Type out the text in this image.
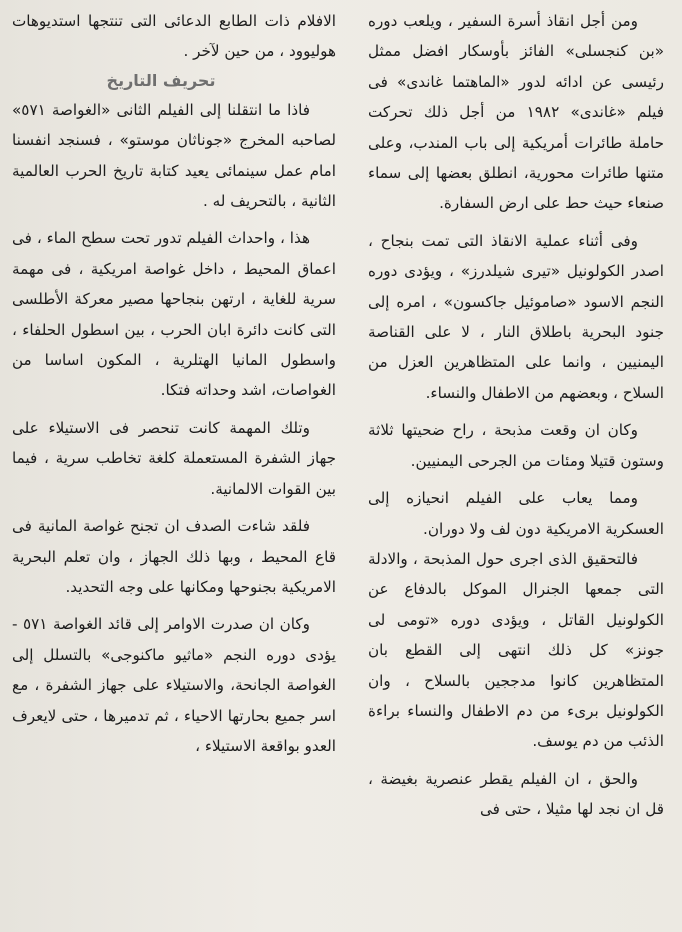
ومن أجل انقاذ أسرة السفير ، ويلعب دوره «بن كنجسلى» الفائز بأوسكار افضل ممثل رئيسى عن ادائه لدور «الماهتما غاندى» فى فيلم «غاندى» ١٩٨٢ من أجل ذلك تحركت حاملة طائرات أمريكية إلى باب المندب، وعلى متنها طائرات محورية، انطلق بعضها إلى سماء صنعاء حيث حط على ارض السفارة.

وفى أثناء عملية الانقاذ التى تمت بنجاح ، اصدر الكولونيل «تيرى شيلدرز» ، ويؤدى دوره النجم الاسود «صاموئيل جاكسون» ، امره إلى جنود البحرية باطلاق النار ، لا على القناصة اليمنيين ، وانما على المتظاهرين العزل من السلاح ، وبعضهم من الاطفال والنساء.

وكان ان وقعت مذبحة ، راح ضحيتها ثلاثة وستون قتيلا ومئات من الجرحى اليمنيين.

ومما يعاب على الفيلم انحيازه إلى العسكرية الامريكية دون لف ولا دوران.

فالتحقيق الذى اجرى حول المذبحة ، والادلة التى جمعها الجنرال الموكل بالدفاع عن الكولونيل القاتل ، ويؤدى دوره «تومى لى جونز» كل ذلك انتهى إلى القطع بان المتظاهرين كانوا مدججين بالسلاح ، وان الكولونيل برىء من دم الاطفال والنساء براءة الذئب من دم يوسف.

والحق ، ان الفيلم يقطر عنصرية بغيضة ، قل ان نجد لها مثيلا ، حتى فى

الافلام ذات الطابع الدعائى التى تنتجها استديوهات هوليوود ، من حين لآخر .

تحريف التاريخ

فاذا ما انتقلنا إلى الفيلم الثانى «الغواصة ٥٧١» لصاحبه المخرج «جوناثان موستو» ، فسنجد انفسنا امام عمل سينمائى يعيد كتابة تاريخ الحرب العالمية الثانية ، بالتحريف له .

هذا ، واحداث الفيلم تدور تحت سطح الماء ، فى اعماق المحيط ، داخل غواصة امريكية ، فى مهمة سرية للغاية ، ارتهن بنجاحها مصير معركة الأطلسى التى كانت دائرة ابان الحرب ، بين اسطول الحلفاء ، واسطول المانيا الهتلرية ، المكون اساسا من الغواصات، اشد وحداته فتكا.

وتلك المهمة كانت تنحصر فى الاستيلاء على جهاز الشفرة المستعملة كلغة تخاطب سرية ، فيما بين القوات الالمانية.

فلقد شاءت الصدف ان تجنح غواصة المانية فى قاع المحيط ، وبها ذلك الجهاز ، وان تعلم البحرية الامريكية بجنوحها ومكانها على وجه التحديد.

وكان ان صدرت الاوامر إلى قائد الغواصة ٥٧١ - يؤدى دوره النجم «ماثيو ماكنوجى» بالتسلل إلى الغواصة الجانحة، والاستيلاء على جهاز الشفرة ، مع اسر جميع بحارتها الاحياء ، ثم تدميرها ، حتى لايعرف العدو بواقعة الاستيلاء ،
